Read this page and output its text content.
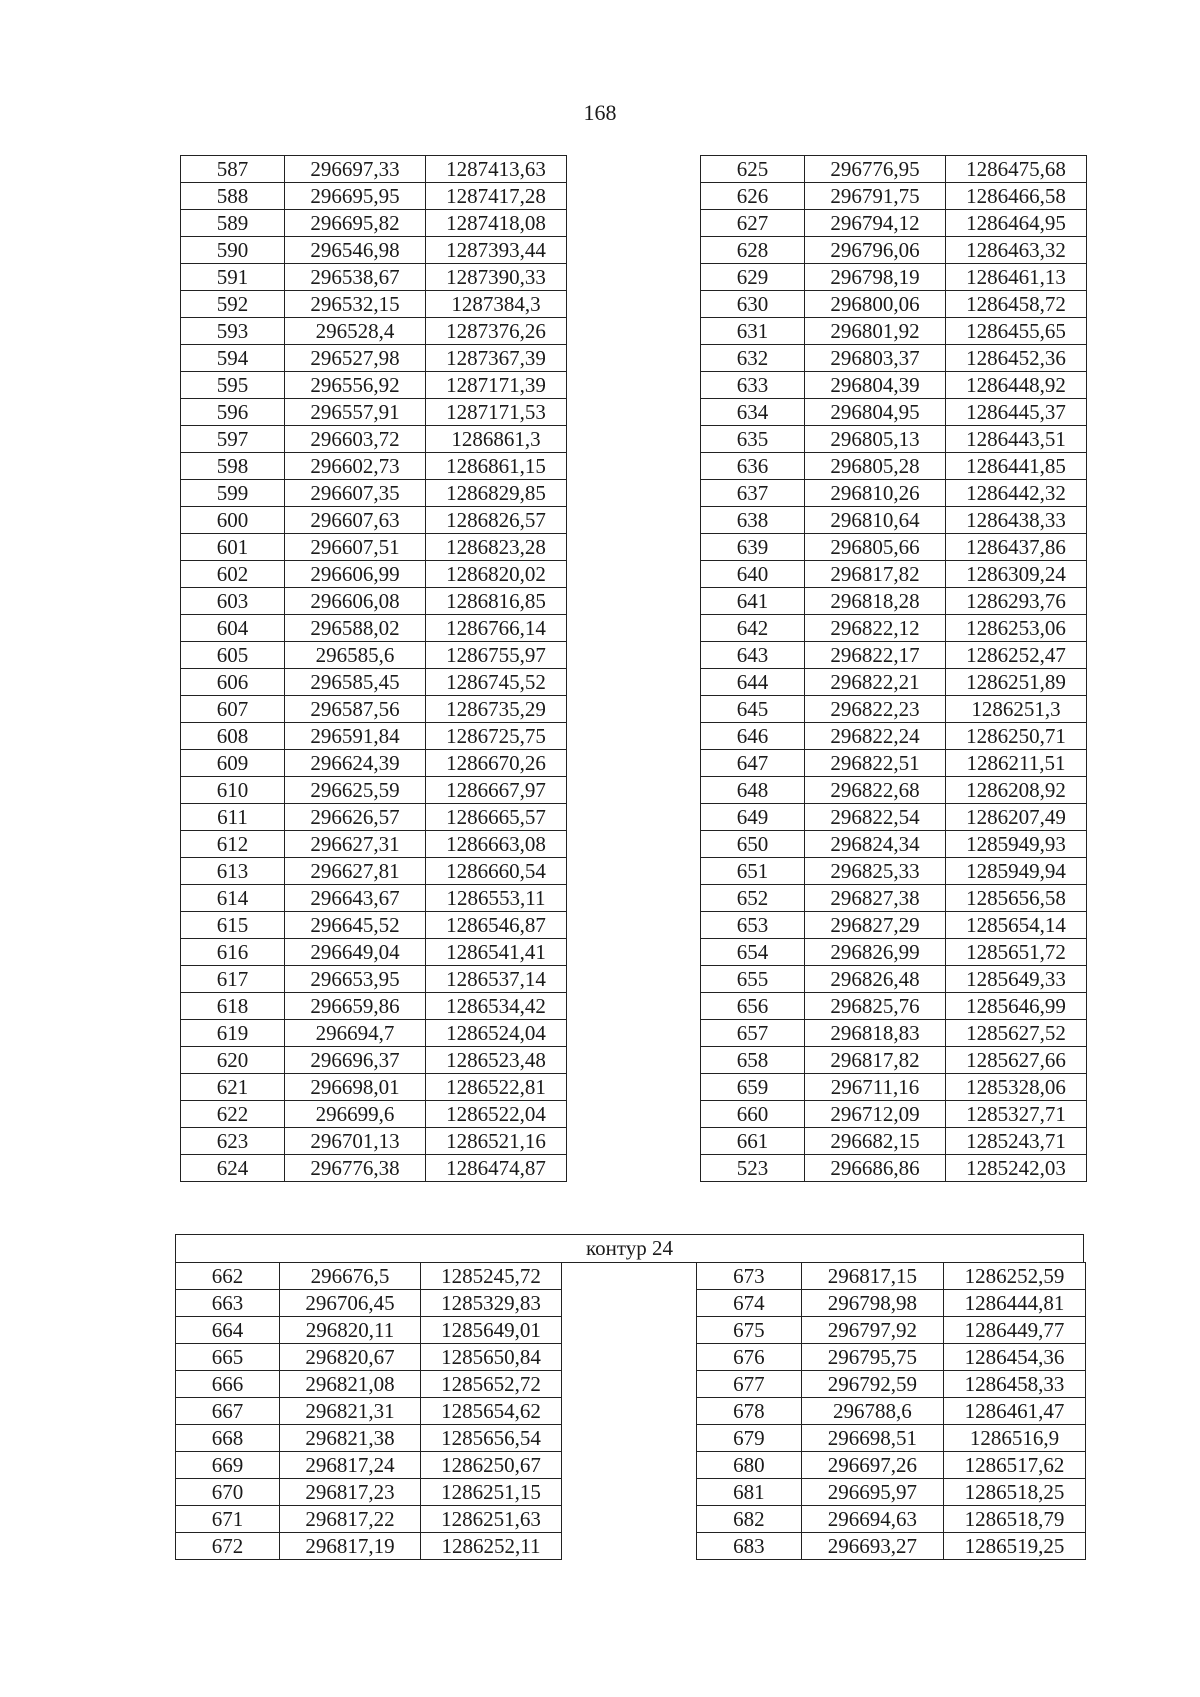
168
587	296697,33	1287413,63
588	296695,95	1287417,28
589	296695,82	1287418,08
590	296546,98	1287393,44
591	296538,67	1287390,33
592	296532,15	1287384,3
593	296528,4	1287376,26
594	296527,98	1287367,39
595	296556,92	1287171,39
596	296557,91	1287171,53
597	296603,72	1286861,3
598	296602,73	1286861,15
599	296607,35	1286829,85
600	296607,63	1286826,57
601	296607,51	1286823,28
602	296606,99	1286820,02
603	296606,08	1286816,85
604	296588,02	1286766,14
605	296585,6	1286755,97
606	296585,45	1286745,52
607	296587,56	1286735,29
608	296591,84	1286725,75
609	296624,39	1286670,26
610	296625,59	1286667,97
611	296626,57	1286665,57
612	296627,31	1286663,08
613	296627,81	1286660,54
614	296643,67	1286553,11
615	296645,52	1286546,87
616	296649,04	1286541,41
617	296653,95	1286537,14
618	296659,86	1286534,42
619	296694,7	1286524,04
620	296696,37	1286523,48
621	296698,01	1286522,81
622	296699,6	1286522,04
623	296701,13	1286521,16
624	296776,38	1286474,87
625	296776,95	1286475,68
626	296791,75	1286466,58
627	296794,12	1286464,95
628	296796,06	1286463,32
629	296798,19	1286461,13
630	296800,06	1286458,72
631	296801,92	1286455,65
632	296803,37	1286452,36
633	296804,39	1286448,92
634	296804,95	1286445,37
635	296805,13	1286443,51
636	296805,28	1286441,85
637	296810,26	1286442,32
638	296810,64	1286438,33
639	296805,66	1286437,86
640	296817,82	1286309,24
641	296818,28	1286293,76
642	296822,12	1286253,06
643	296822,17	1286252,47
644	296822,21	1286251,89
645	296822,23	1286251,3
646	296822,24	1286250,71
647	296822,51	1286211,51
648	296822,68	1286208,92
649	296822,54	1286207,49
650	296824,34	1285949,93
651	296825,33	1285949,94
652	296827,38	1285656,58
653	296827,29	1285654,14
654	296826,99	1285651,72
655	296826,48	1285649,33
656	296825,76	1285646,99
657	296818,83	1285627,52
658	296817,82	1285627,66
659	296711,16	1285328,06
660	296712,09	1285327,71
661	296682,15	1285243,71
523	296686,86	1285242,03
контур 24
662	296676,5	1285245,72
663	296706,45	1285329,83
664	296820,11	1285649,01
665	296820,67	1285650,84
666	296821,08	1285652,72
667	296821,31	1285654,62
668	296821,38	1285656,54
669	296817,24	1286250,67
670	296817,23	1286251,15
671	296817,22	1286251,63
672	296817,19	1286252,11
673	296817,15	1286252,59
674	296798,98	1286444,81
675	296797,92	1286449,77
676	296795,75	1286454,36
677	296792,59	1286458,33
678	296788,6	1286461,47
679	296698,51	1286516,9
680	296697,26	1286517,62
681	296695,97	1286518,25
682	296694,63	1286518,79
683	296693,27	1286519,25
